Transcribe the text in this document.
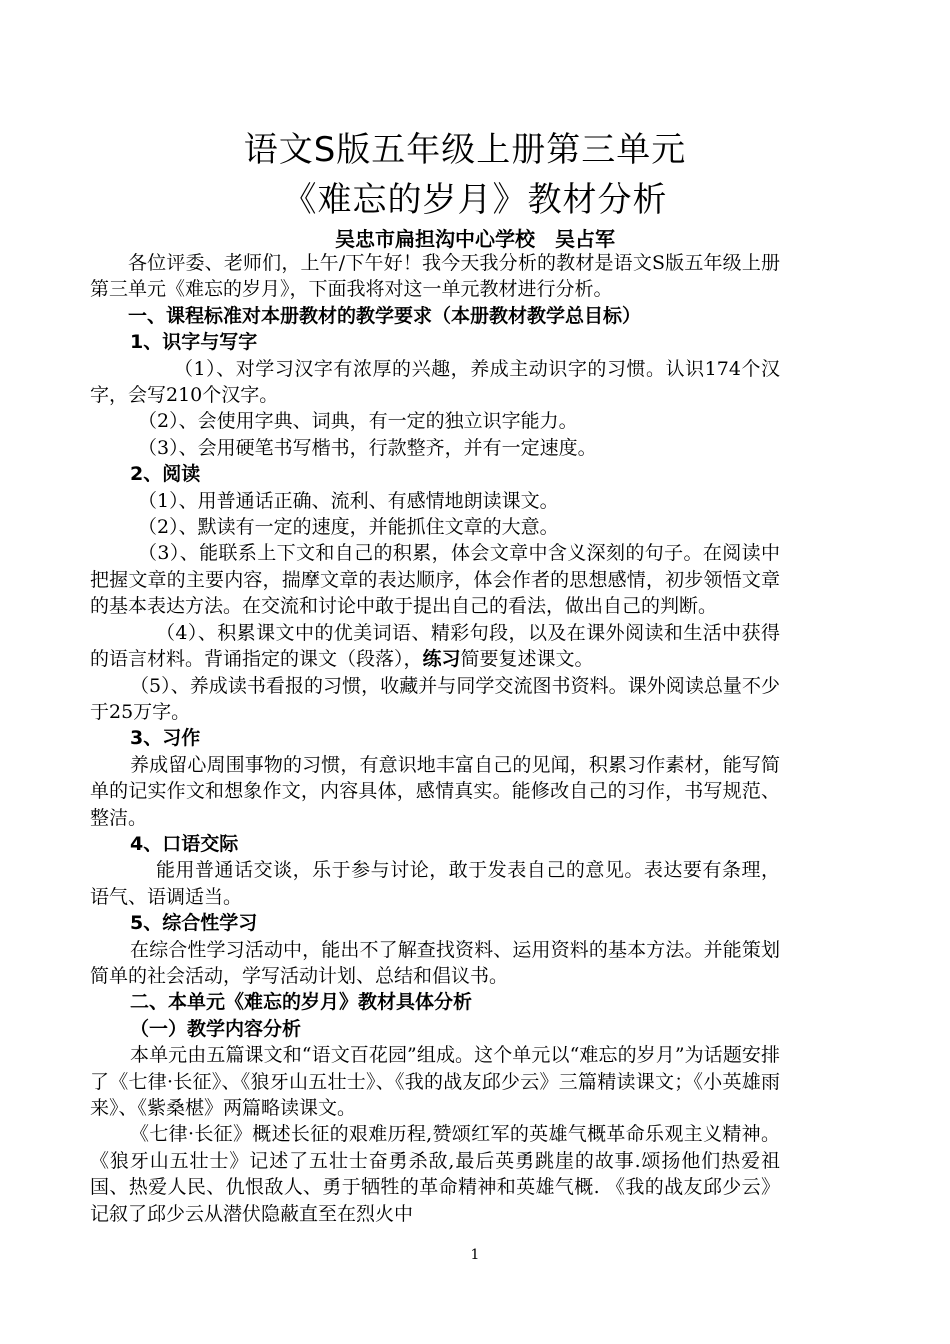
语文S版五年级上册第三单元
《难忘的岁月》教材分析
吴忠市扁担沟中心学校　吴占军

各位评委、老师们，上午/下午好！我今天我分析的教材是语文S版五年级上册第三单元《难忘的岁月》，下面我将对这一单元教材进行分析。

一、课程标准对本册教材的教学要求（本册教材教学总目标）

1、识字与写字

（1）、对学习汉字有浓厚的兴趣，养成主动识字的习惯。认识174个汉字，会写210个汉字。

（2）、会使用字典、词典，有一定的独立识字能力。

（3）、会用硬笔书写楷书，行款整齐，并有一定速度。

2、阅读

（1）、用普通话正确、流利、有感情地朗读课文。

（2）、默读有一定的速度，并能抓住文章的大意。

（3）、能联系上下文和自己的积累，体会文章中含义深刻的句子。在阅读中把握文章的主要内容，揣摩文章的表达顺序，体会作者的思想感情，初步领悟文章的基本表达方法。在交流和讨论中敢于提出自己的看法，做出自己的判断。

（4）、积累课文中的优美词语、精彩句段，以及在课外阅读和生活中获得的语言材料。背诵指定的课文（段落），练习简要复述课文。

（5）、养成读书看报的习惯，收藏并与同学交流图书资料。课外阅读总量不少于25万字。

3、习作

养成留心周围事物的习惯，有意识地丰富自己的见闻，积累习作素材，能写简单的记实作文和想象作文，内容具体，感情真实。能修改自己的习作，书写规范、整洁。

4、口语交际

能用普通话交谈，乐于参与讨论，敢于发表自己的意见。表达要有条理，语气、语调适当。

5、综合性学习

在综合性学习活动中，能出不了解查找资料、运用资料的基本方法。并能策划简单的社会活动，学写活动计划、总结和倡议书。

二、本单元《难忘的岁月》教材具体分析

（一）教学内容分析

本单元由五篇课文和“语文百花园”组成。这个单元以“难忘的岁月”为话题安排了《七律·长征》、《狼牙山五壮士》、《我的战友邱少云》三篇精读课文；《小英雄雨来》、《紫桑椹》两篇略读课文。

《七律·长征》概述长征的艰难历程,赞颂红军的英雄气概革命乐观主义精神。《狼牙山五壮士》记述了五壮士奋勇杀敌,最后英勇跳崖的故事.颂扬他们热爱祖国、热爱人民、仇恨敌人、勇于牺牲的革命精神和英雄气概. 《我的战友邱少云》记叙了邱少云从潜伏隐蔽直至在烈火中

1
